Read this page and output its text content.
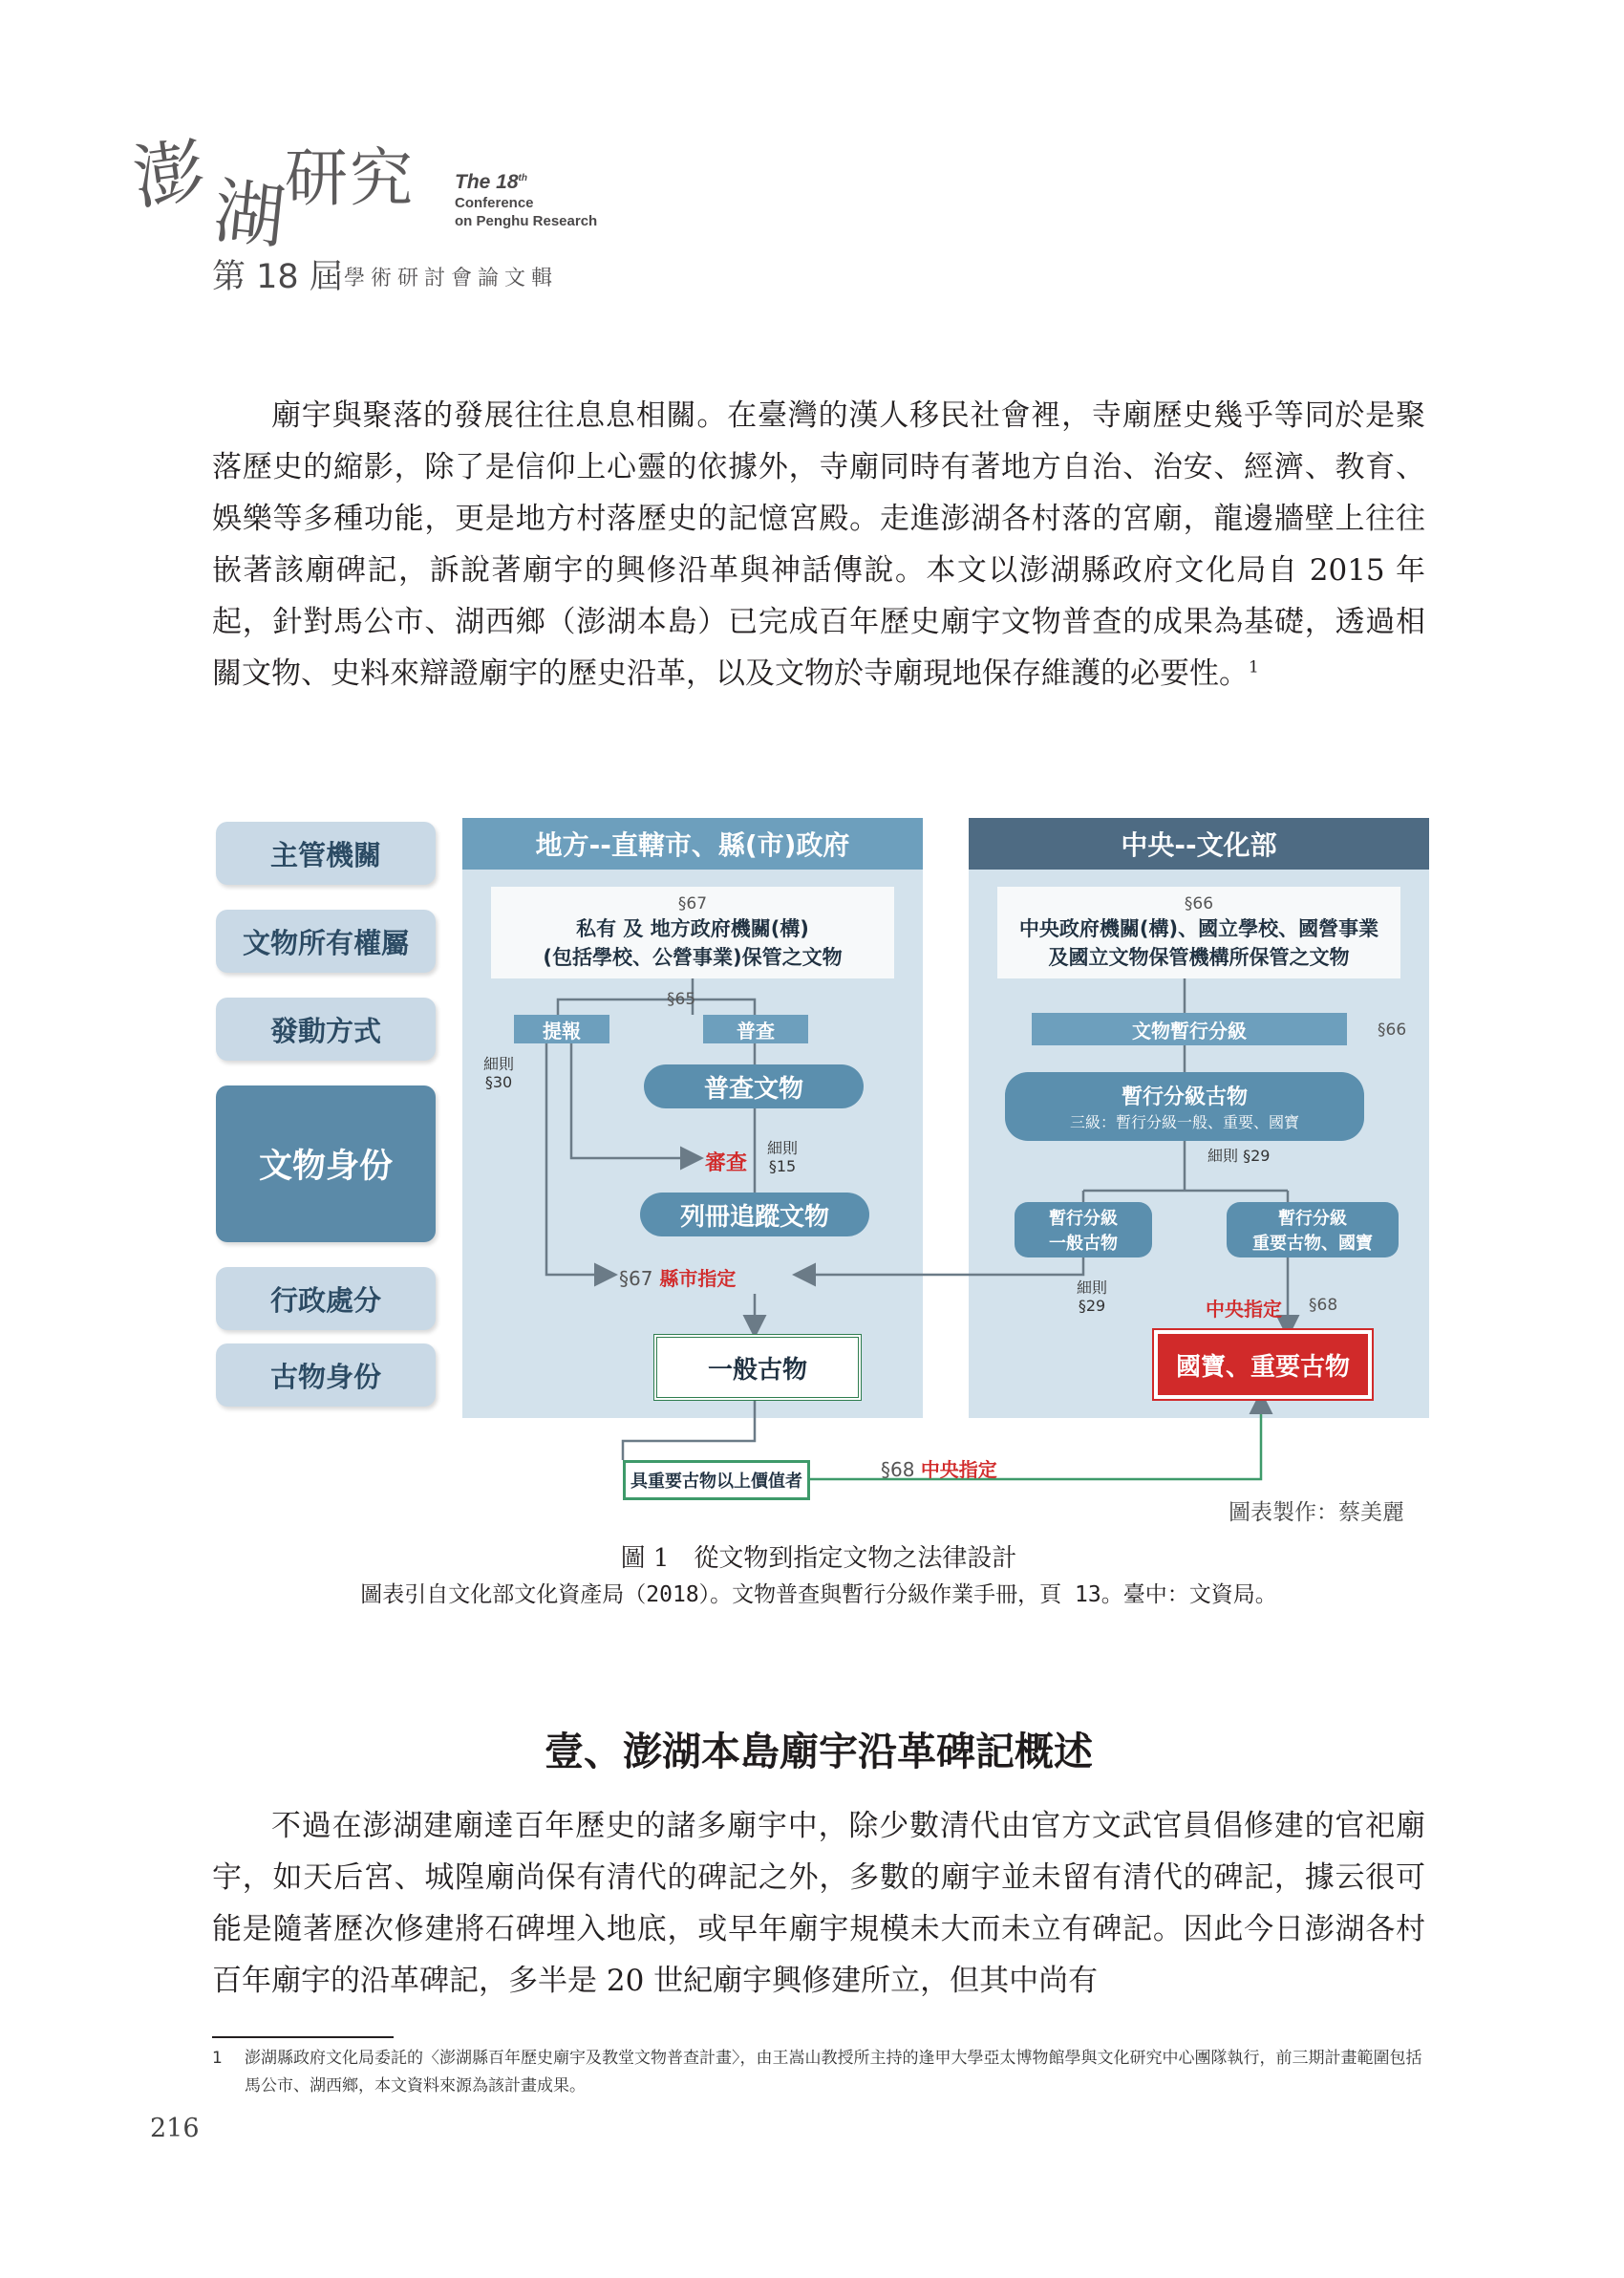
澎
湖
研究 The 18th
Conference
on Penghu Research
第 18 屆 學術研討會論文輯

廟宇與聚落的發展往往息息相關。在臺灣的漢人移民社會裡，寺廟歷史幾乎等同於是聚落歷史的縮影，除了是信仰上心靈的依據外，寺廟同時有著地方自治、治安、經濟、教育、娛樂等多種功能，更是地方村落歷史的記憶宮殿。走進澎湖各村落的宮廟，龍邊牆壁上往往嵌著該廟碑記，訴說著廟宇的興修沿革與神話傳說。本文以澎湖縣政府文化局自 2015 年起，針對馬公市、湖西鄉（澎湖本島）已完成百年歷史廟宇文物普查的成果為基礎，透過相關文物、史料來辯證廟宇的歷史沿革，以及文物於寺廟現地保存維護的必要性。$^1$

主管機關
文物所有權屬
發動方式
文物身份
行政處分
古物身份
地方--直轄市、縣(市)政府	中央--文化部
§67
私有 及 地方政府機關(構)
(包括學校、公營事業)保管之文物
§66
中央政府機關(構)、國立學校、國營事業
及國立文物保管機構所保管之文物
§65
提報	普查
細則
§30	普查文物
審查
細則
§15
列冊追蹤文物
§67 縣市指定
一般古物
文物暫行分級	§66
暫行分級古物
三級：暫行分級一般、重要、國寶
細則 §29
暫行分級
一般古物
暫行分級
重要古物、國寶
細則
§29	中央指定 §68
國寶、重要古物
具重要古物以上價值者
§68 中央指定
圖表製作：蔡美麗
圖 1　從文物到指定文物之法律設計
圖表引自文化部文化資產局（2018）。文物普查與暫行分級作業手冊，頁 13。臺中：文資局。
壹、澎湖本島廟宇沿革碑記概述

不過在澎湖建廟達百年歷史的諸多廟宇中，除少數清代由官方文武官員倡修建的官祀廟宇，如天后宮、城隍廟尚保有清代的碑記之外，多數的廟宇並未留有清代的碑記，據云很可能是隨著歷次修建將石碑埋入地底，或早年廟宇規模未大而未立有碑記。因此今日澎湖各村百年廟宇的沿革碑記，多半是 20 世紀廟宇興修建所立，但其中尚有

1 澎湖縣政府文化局委託的〈澎湖縣百年歷史廟宇及教堂文物普查計畫〉，由王嵩山教授所主持的逢甲大學亞太博物館學與文化研究中心團隊執行，前三期計畫範圍包括馬公市、湖西鄉，本文資料來源為該計畫成果。
216
